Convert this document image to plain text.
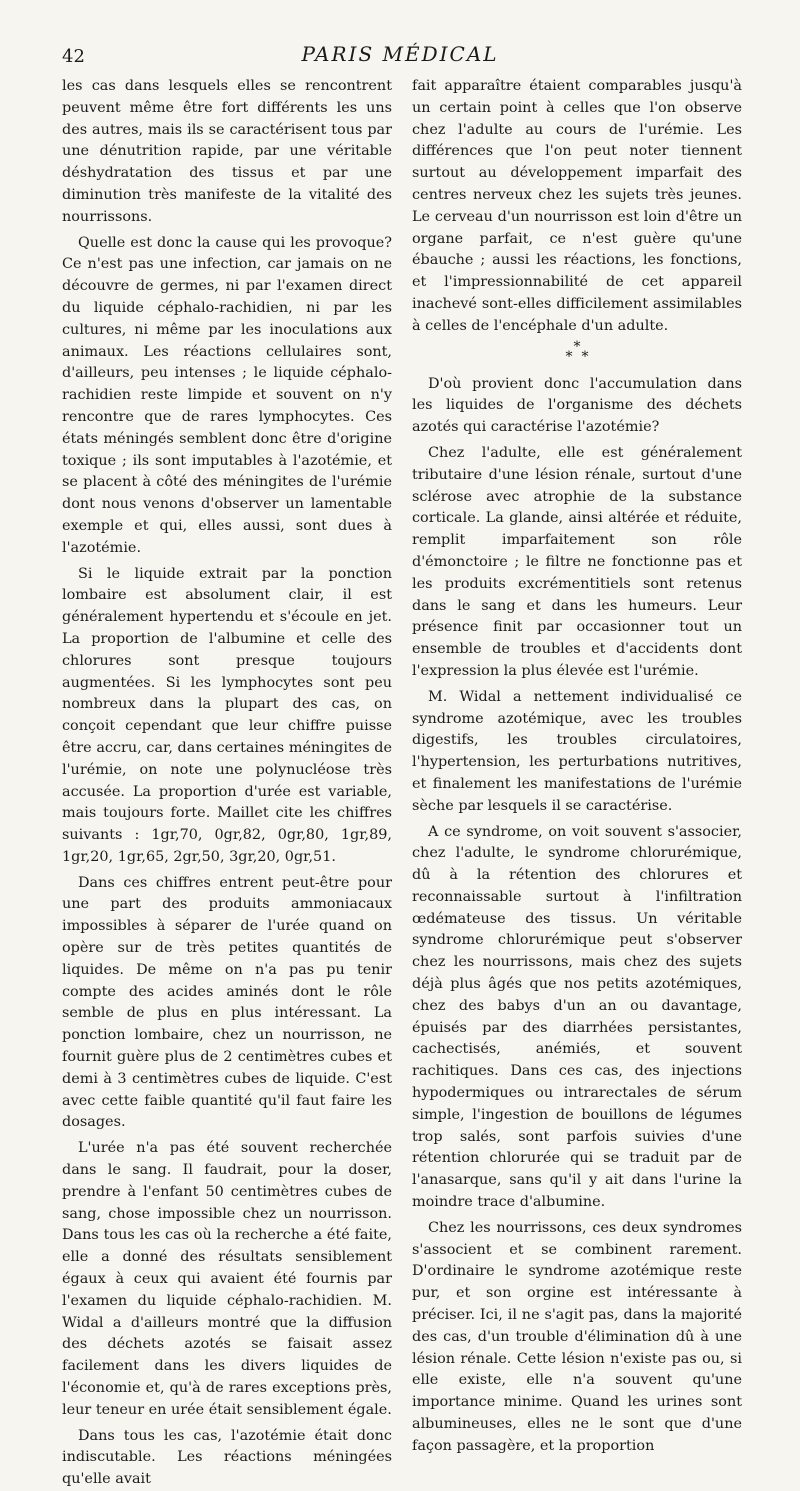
42	PARIS MÉDICAL

les cas dans lesquels elles se rencontrent peuvent même être fort différents les uns des autres, mais ils se caractérisent tous par une dénutrition rapide, par une véritable déshydratation des tissus et par une diminution très manifeste de la vitalité des nourrissons.

Quelle est donc la cause qui les provoque? Ce n'est pas une infection, car jamais on ne découvre de germes, ni par l'examen direct du liquide céphalo-rachidien, ni par les cultures, ni même par les inoculations aux animaux. Les réactions cellulaires sont, d'ailleurs, peu intenses ; le liquide céphalo-rachidien reste limpide et souvent on n'y rencontre que de rares lymphocytes. Ces états méningés semblent donc être d'origine toxique ; ils sont imputables à l'azotémie, et se placent à côté des méningites de l'urémie dont nous venons d'observer un lamentable exemple et qui, elles aussi, sont dues à l'azotémie.

Si le liquide extrait par la ponction lombaire est absolument clair, il est généralement hypertendu et s'écoule en jet. La proportion de l'albumine et celle des chlorures sont presque toujours augmentées. Si les lymphocytes sont peu nombreux dans la plupart des cas, on conçoit cependant que leur chiffre puisse être accru, car, dans certaines méningites de l'urémie, on note une polynucléose très accusée. La proportion d'urée est variable, mais toujours forte. Maillet cite les chiffres suivants : 1gr,70, 0gr,82, 0gr,80, 1gr,89, 1gr,20, 1gr,65, 2gr,50, 3gr,20, 0gr,51.

Dans ces chiffres entrent peut-être pour une part des produits ammoniacaux impossibles à séparer de l'urée quand on opère sur de très petites quantités de liquides. De même on n'a pas pu tenir compte des acides aminés dont le rôle semble de plus en plus intéressant. La ponction lombaire, chez un nourrisson, ne fournit guère plus de 2 centimètres cubes et demi à 3 centimètres cubes de liquide. C'est avec cette faible quantité qu'il faut faire les dosages.

L'urée n'a pas été souvent recherchée dans le sang. Il faudrait, pour la doser, prendre à l'enfant 50 centimètres cubes de sang, chose impossible chez un nourrisson. Dans tous les cas où la recherche a été faite, elle a donné des résultats sensiblement égaux à ceux qui avaient été fournis par l'examen du liquide céphalo-rachidien. M. Widal a d'ailleurs montré que la diffusion des déchets azotés se faisait assez facilement dans les divers liquides de l'économie et, qu'à de rares exceptions près, leur teneur en urée était sensiblement égale.

Dans tous les cas, l'azotémie était donc indiscutable. Les réactions méningées qu'elle avait

fait apparaître étaient comparables jusqu'à un certain point à celles que l'on observe chez l'adulte au cours de l'urémie. Les différences que l'on peut noter tiennent surtout au développement imparfait des centres nerveux chez les sujets très jeunes. Le cerveau d'un nourrisson est loin d'être un organe parfait, ce n'est guère qu'une ébauche ; aussi les réactions, les fonctions, et l'impressionnabilité de cet appareil inachevé sont-elles difficilement assimilables à celles de l'encéphale d'un adulte.

*
* *

D'où provient donc l'accumulation dans les liquides de l'organisme des déchets azotés qui caractérise l'azotémie?

Chez l'adulte, elle est généralement tributaire d'une lésion rénale, surtout d'une sclérose avec atrophie de la substance corticale. La glande, ainsi altérée et réduite, remplit imparfaitement son rôle d'émonctoire ; le filtre ne fonctionne pas et les produits excrémentitiels sont retenus dans le sang et dans les humeurs. Leur présence finit par occasionner tout un ensemble de troubles et d'accidents dont l'expression la plus élevée est l'urémie.

M. Widal a nettement individualisé ce syndrome azotémique, avec les troubles digestifs, les troubles circulatoires, l'hypertension, les perturbations nutritives, et finalement les manifestations de l'urémie sèche par lesquels il se caractérise.

A ce syndrome, on voit souvent s'associer, chez l'adulte, le syndrome chlorurémique, dû à la rétention des chlorures et reconnaissable surtout à l'infiltration œdémateuse des tissus. Un véritable syndrome chlorurémique peut s'observer chez les nourrissons, mais chez des sujets déjà plus âgés que nos petits azotémiques, chez des babys d'un an ou davantage, épuisés par des diarrhées persistantes, cachectisés, anémiés, et souvent rachitiques. Dans ces cas, des injections hypodermiques ou intrarectales de sérum simple, l'ingestion de bouillons de légumes trop salés, sont parfois suivies d'une rétention chlorurée qui se traduit par de l'anasarque, sans qu'il y ait dans l'urine la moindre trace d'albumine.

Chez les nourrissons, ces deux syndromes s'associent et se combinent rarement. D'ordinaire le syndrome azotémique reste pur, et son orgine est intéressante à préciser. Ici, il ne s'agit pas, dans la majorité des cas, d'un trouble d'élimination dû à une lésion rénale. Cette lésion n'existe pas ou, si elle existe, elle n'a souvent qu'une importance minime. Quand les urines sont albumineuses, elles ne le sont que d'une façon passagère, et la proportion
